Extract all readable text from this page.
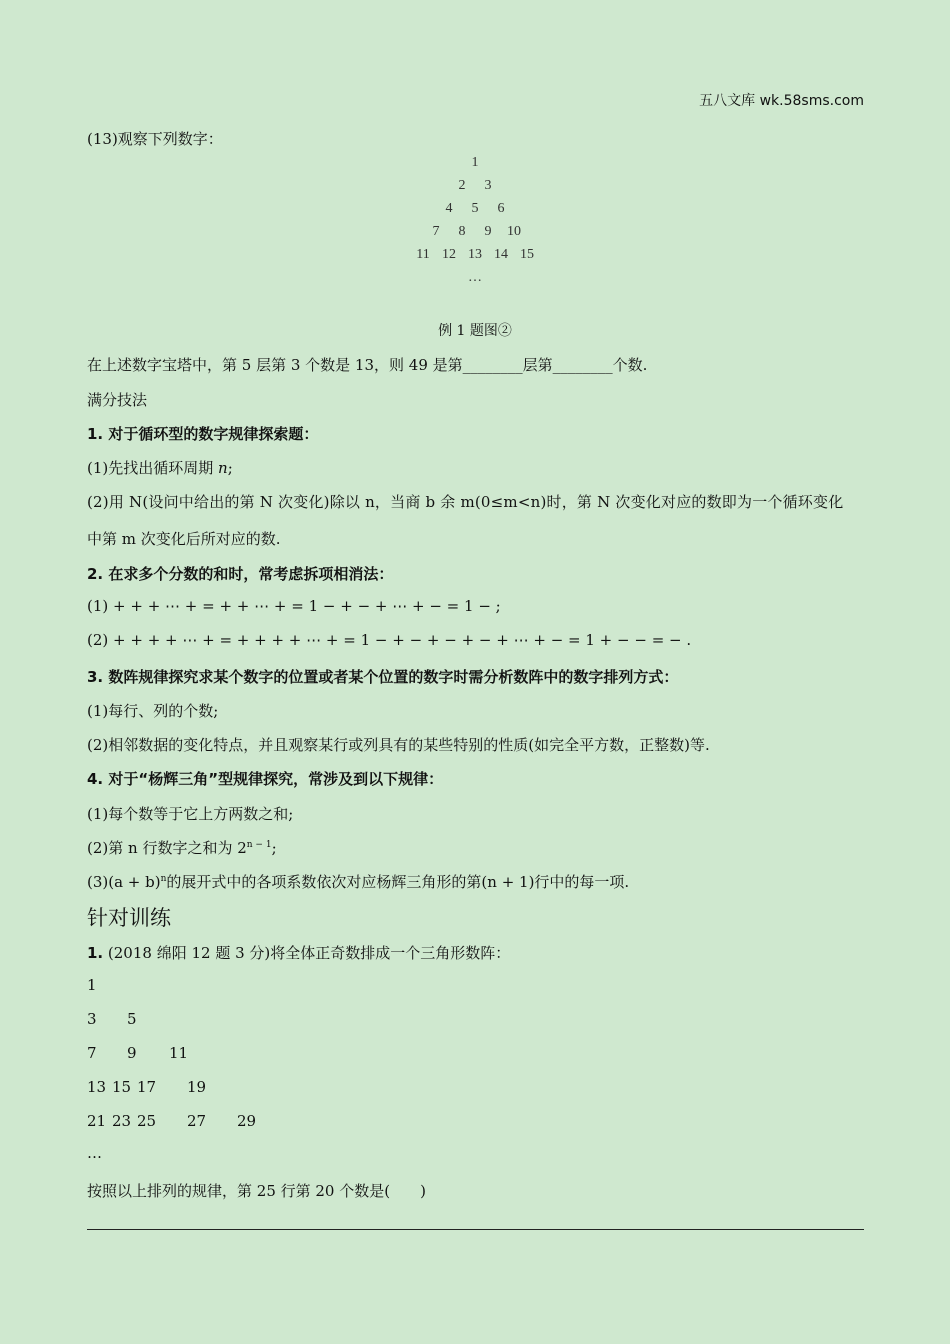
五八文库 wk.58sms.com
(13)观察下列数字：
1
2 3
4 5 6
7 8 9 10
11 12 13 14 15
…
例 1 题图②
在上述数字宝塔中，第 5 层第 3 个数是 13，则 49 是第________层第________个数.
满分技法
1. 对于循环型的数字规律探索题：
(1)先找出循环周期 n;
(2)用 N(设问中给出的第 N 次变化)除以 n，当商 b 余 m(0≤m<n)时，第 N 次变化对应的数即为一个循环变化
中第 m 次变化后所对应的数.
2. 在求多个分数的和时，常考虑拆项相消法：
(1) + + + ⋯ + = + + ⋯ + = 1 − + − + ⋯ + − = 1 − ;
(2) + + + + ⋯ + = + + + + ⋯ + = 1 − + − + − + − + ⋯ + − = 1 + − − = − .
3. 数阵规律探究求某个数字的位置或者某个位置的数字时需分析数阵中的数字排列方式：
(1)每行、列的个数;
(2)相邻数据的变化特点，并且观察某行或列具有的某些特别的性质(如完全平方数，正整数)等.
4. 对于“杨辉三角”型规律探究，常涉及到以下规律：
(1)每个数等于它上方两数之和;
(2)第 n 行数字之和为 $2^{n - 1}$;
$(3)(a + b)^n$的展开式中的各项系数依次对应杨辉三角形的第(n + 1)行中的每一项.
针对训练
1. (2018 绵阳 12 题 3 分)将全体正奇数排成一个三角形数阵：
1
3 5
7 9 11
13 15 17 19
21 23 25 27 29
…
按照以上排列的规律，第 25 行第 20 个数是(　　)
